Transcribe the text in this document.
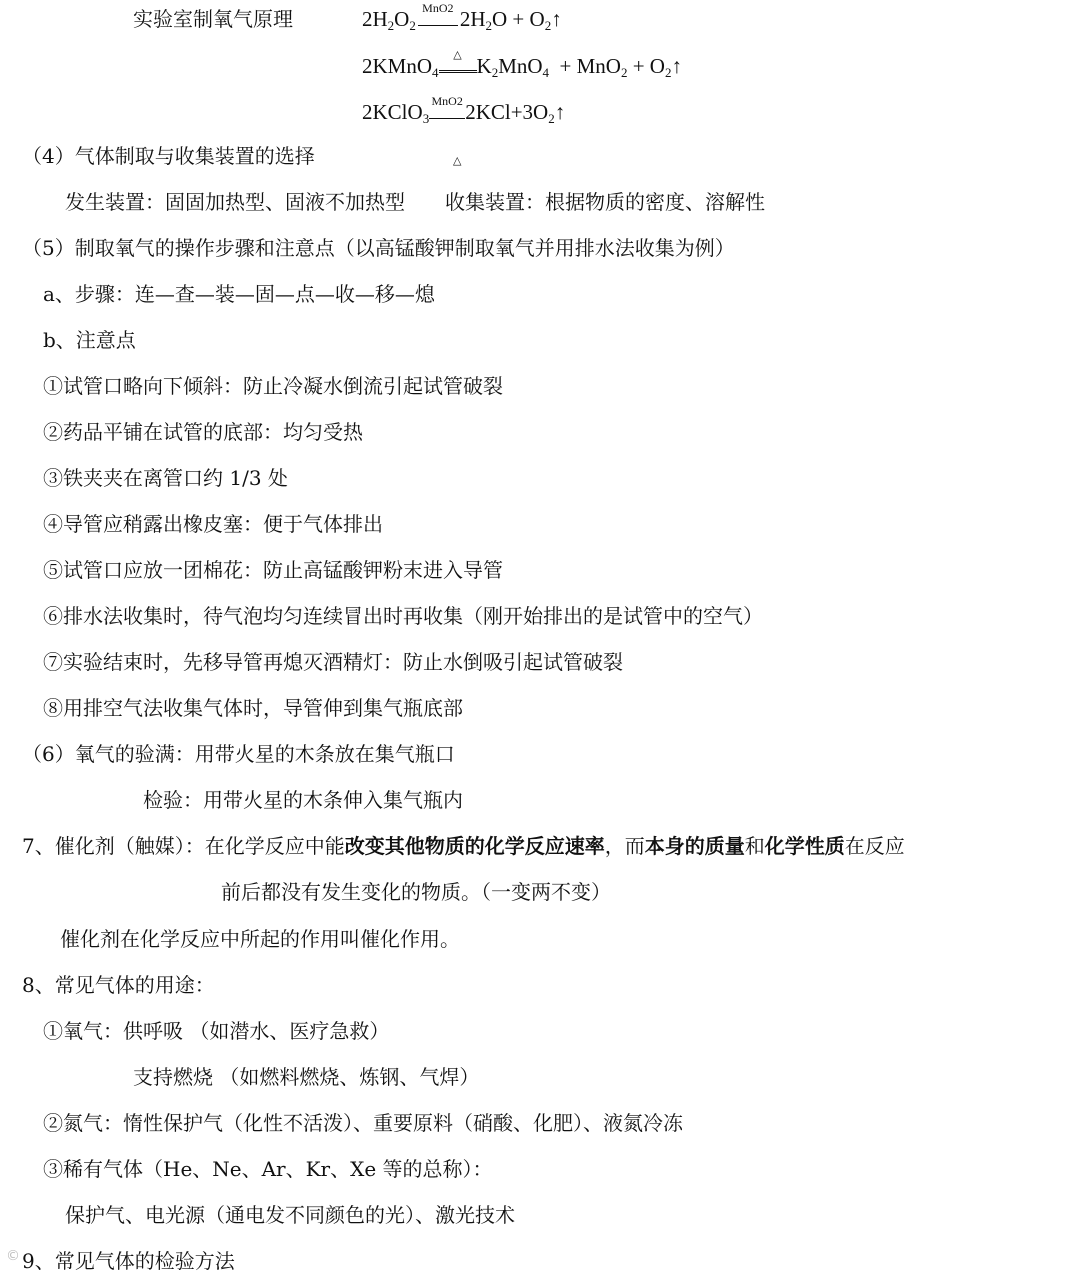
实验室制氧气原理	$2H_2O_2$
MnO2 $2H_2O$ + $O_2↑$
2KMnO$_4$
△ $K_2MnO_4 + MnO_2$ + $O_2↑$
2KClO$_3$
MnO2 $2KCl+3O_2↑$
△
（4）气体制取与收集装置的选择
发生装置：固固加热型、固液不加热型　　收集装置：根据物质的密度、溶解性
（5）制取氧气的操作步骤和注意点（以高锰酸钾制取氧气并用排水法收集为例）
a、步骤：连—查—装—固—点—收—移—熄
b、注意点
①试管口略向下倾斜：防止冷凝水倒流引起试管破裂
②药品平铺在试管的底部：均匀受热
③铁夹夹在离管口约 1/3 处
④导管应稍露出橡皮塞：便于气体排出
⑤试管口应放一团棉花：防止高锰酸钾粉末进入导管
⑥排水法收集时，待气泡均匀连续冒出时再收集（刚开始排出的是试管中的空气）
⑦实验结束时，先移导管再熄灭酒精灯：防止水倒吸引起试管破裂
⑧用排空气法收集气体时，导管伸到集气瓶底部
（6）氧气的验满：用带火星的木条放在集气瓶口
检验：用带火星的木条伸入集气瓶内
7、催化剂（触媒）：在化学反应中能改变其他物质的化学反应速率，而本身的质量和化学性质在反应
前后都没有发生变化的物质。（一变两不变）
催化剂在化学反应中所起的作用叫催化作用。
8、常见气体的用途：
①氧气：供呼吸 （如潜水、医疗急救）
支持燃烧 （如燃料燃烧、炼钢、气焊）
②氮气：惰性保护气（化性不活泼）、重要原料（硝酸、化肥）、液氮冷冻
③稀有气体（He、Ne、Ar、Kr、Xe 等的总称）：
保护气、电光源（通电发不同颜色的光）、激光技术
9、常见气体的检验方法
©
